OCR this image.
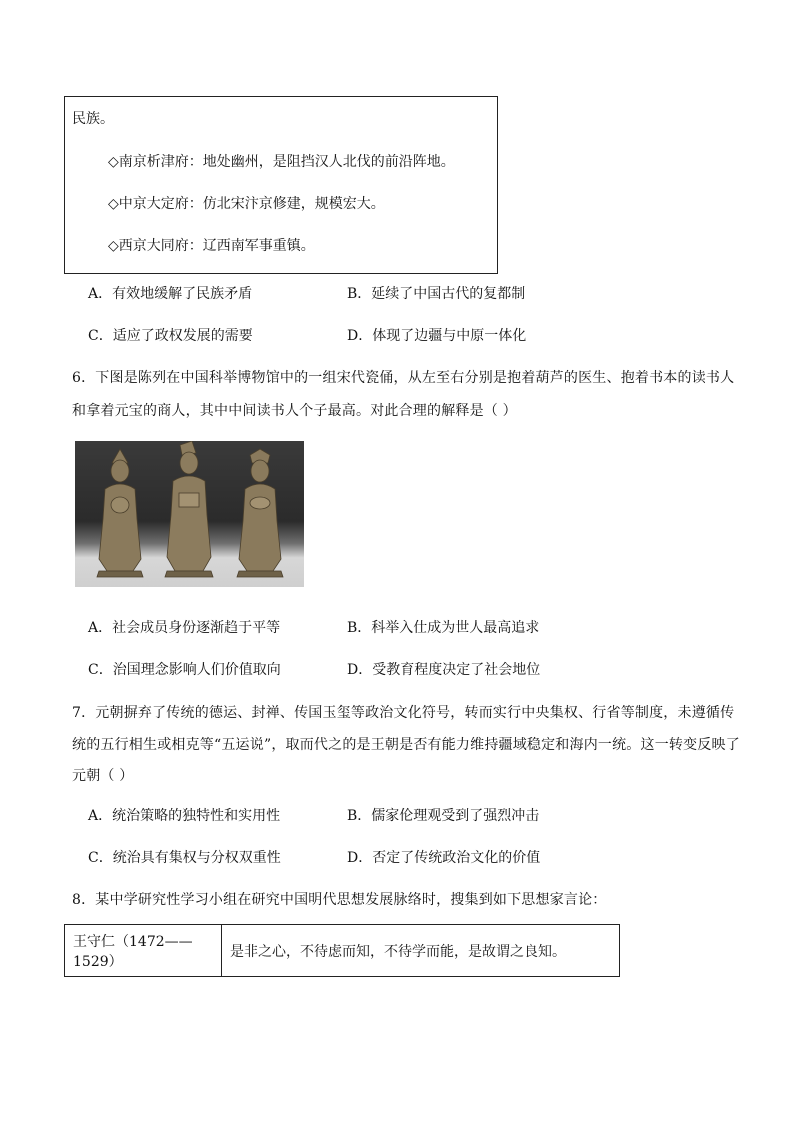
民族。
◇南京析津府：地处幽州，是阻挡汉人北伐的前沿阵地。
◇中京大定府：仿北宋汴京修建，规模宏大。
◇西京大同府：辽西南军事重镇。
A．有效地缓解了民族矛盾	B．延续了中国古代的复都制
C．适应了政权发展的需要	D．体现了边疆与中原一体化
6．下图是陈列在中国科举博物馆中的一组宋代瓷俑，从左至右分别是抱着葫芦的医生、抱着书本的读书人
和拿着元宝的商人，其中中间读书人个子最高。对此合理的解释是（ ）
A．社会成员身份逐渐趋于平等	B．科举入仕成为世人最高追求
C．治国理念影响人们价值取向	D．受教育程度决定了社会地位
7．元朝摒弃了传统的德运、封禅、传国玉玺等政治文化符号，转而实行中央集权、行省等制度，未遵循传
统的五行相生或相克等“五运说”，取而代之的是王朝是否有能力维持疆域稳定和海内一统。这一转变反映了
元朝（ ）
A．统治策略的独特性和实用性	B．儒家伦理观受到了强烈冲击
C．统治具有集权与分权双重性	D．否定了传统政治文化的价值
8．某中学研究性学习小组在研究中国明代思想发展脉络时，搜集到如下思想家言论：
王守仁（1472——1529）	是非之心，不待虑而知，不待学而能，是故谓之良知。
